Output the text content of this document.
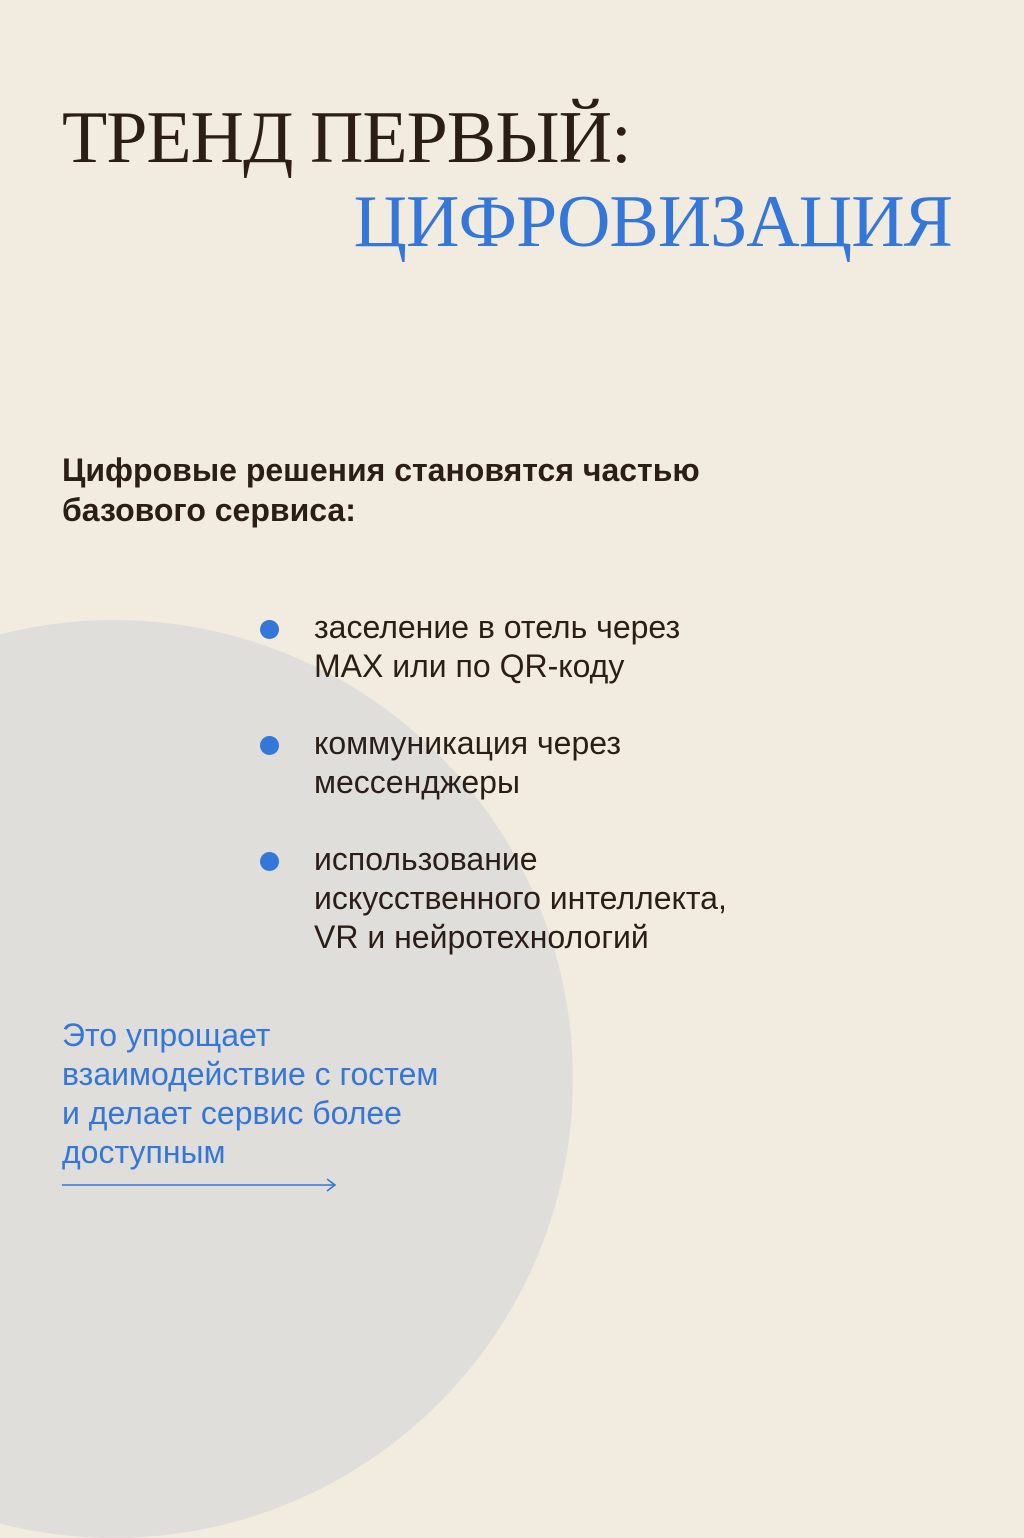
ТРЕНД ПЕРВЫЙ:
ЦИФРОВИЗАЦИЯ

Цифровые решения становятся частью
базового сервиса:

заселение в отель через
MAX или по QR-коду
коммуникация через
мессенджеры
использование
искусственного интеллекта,
VR и нейротехнологий

Это упрощает
взаимодействие с гостем
и делает сервис более
доступным
